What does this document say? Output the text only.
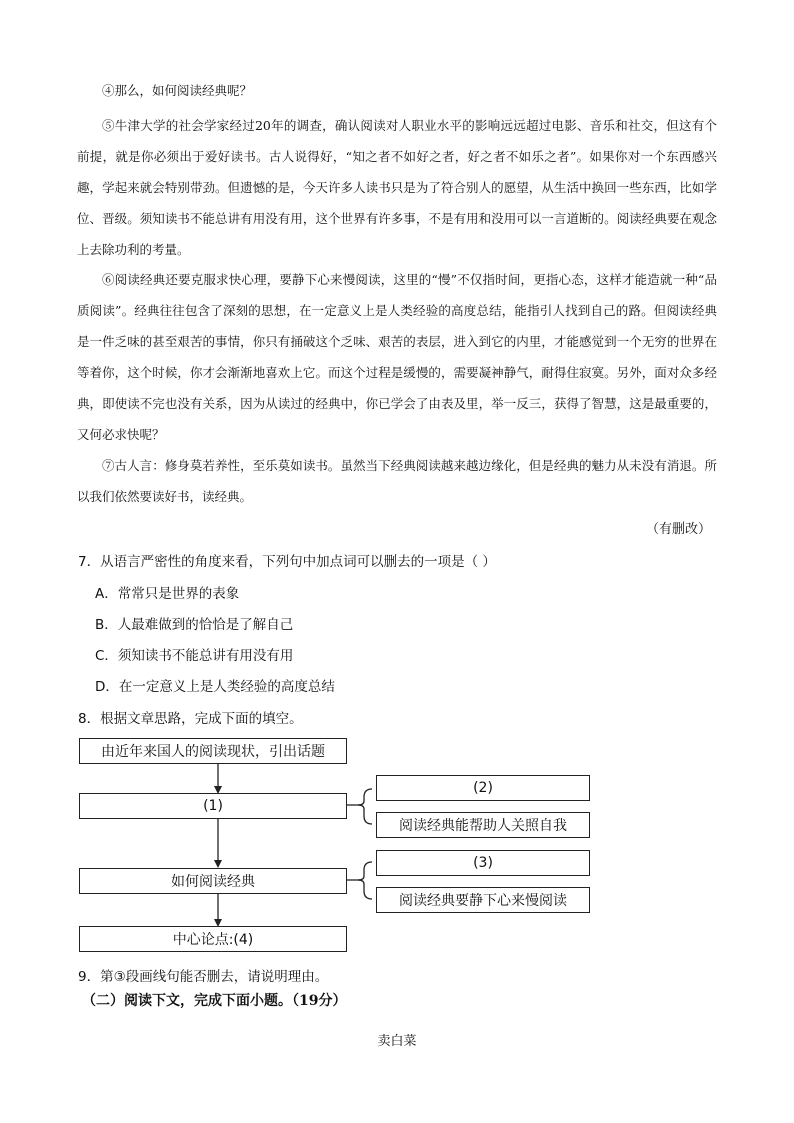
④那么，如何阅读经典呢？

⑤牛津大学的社会学家经过20年的调查，确认阅读对人职业水平的影响远远超过电影、音乐和社交，但这有个前提，就是你必须出于爱好读书。古人说得好，“知之者不如好之者，好之者不如乐之者”。如果你对一个东西感兴趣，学起来就会特别带劲。但遗憾的是，今天许多人读书只是为了符合别人的愿望，从生活中换回一些东西，比如学位、晋级。须知读书不能总讲有用没有用，这个世界有许多事，不是有用和没用可以一言道断的。阅读经典要在观念上去除功利的考量。

⑥阅读经典还要克服求快心理，要静下心来慢阅读，这里的“慢”不仅指时间，更指心态，这样才能造就一种“品质阅读”。经典往往包含了深刻的思想，在一定意义上是人类经验的高度总结，能指引人找到自己的路。但阅读经典是一件乏味的甚至艰苦的事情，你只有捅破这个乏味、艰苦的表层，进入到它的内里，才能感觉到一个无穷的世界在等着你，这个时候，你才会渐渐地喜欢上它。而这个过程是缓慢的，需要凝神静气，耐得住寂寞。另外，面对众多经典，即使读不完也没有关系，因为从读过的经典中，你已学会了由表及里，举一反三，获得了智慧，这是最重要的，又何必求快呢？

⑦古人言：修身莫若养性，至乐莫如读书。虽然当下经典阅读越来越边缘化，但是经典的魅力从未没有消退。所以我们依然要读好书，读经典。

（有删改）
7．从语言严密性的角度来看，下列句中加点词可以删去的一项是（ ）
A．常常只是世界的表象
B．人最难做到的恰恰是了解自己
C．须知读书不能总讲有用没有用
D．在一定意义上是人类经验的高度总结
8．根据文章思路，完成下面的填空。
由近年来国人的阅读现状，引出话题
(1)
(2)
阅读经典能帮助人关照自我
如何阅读经典
(3)
阅读经典要静下心来慢阅读
中心论点:(4)
9．第③段画线句能否删去，请说明理由。
（二）阅读下文，完成下面小题。（19分）
卖白菜
